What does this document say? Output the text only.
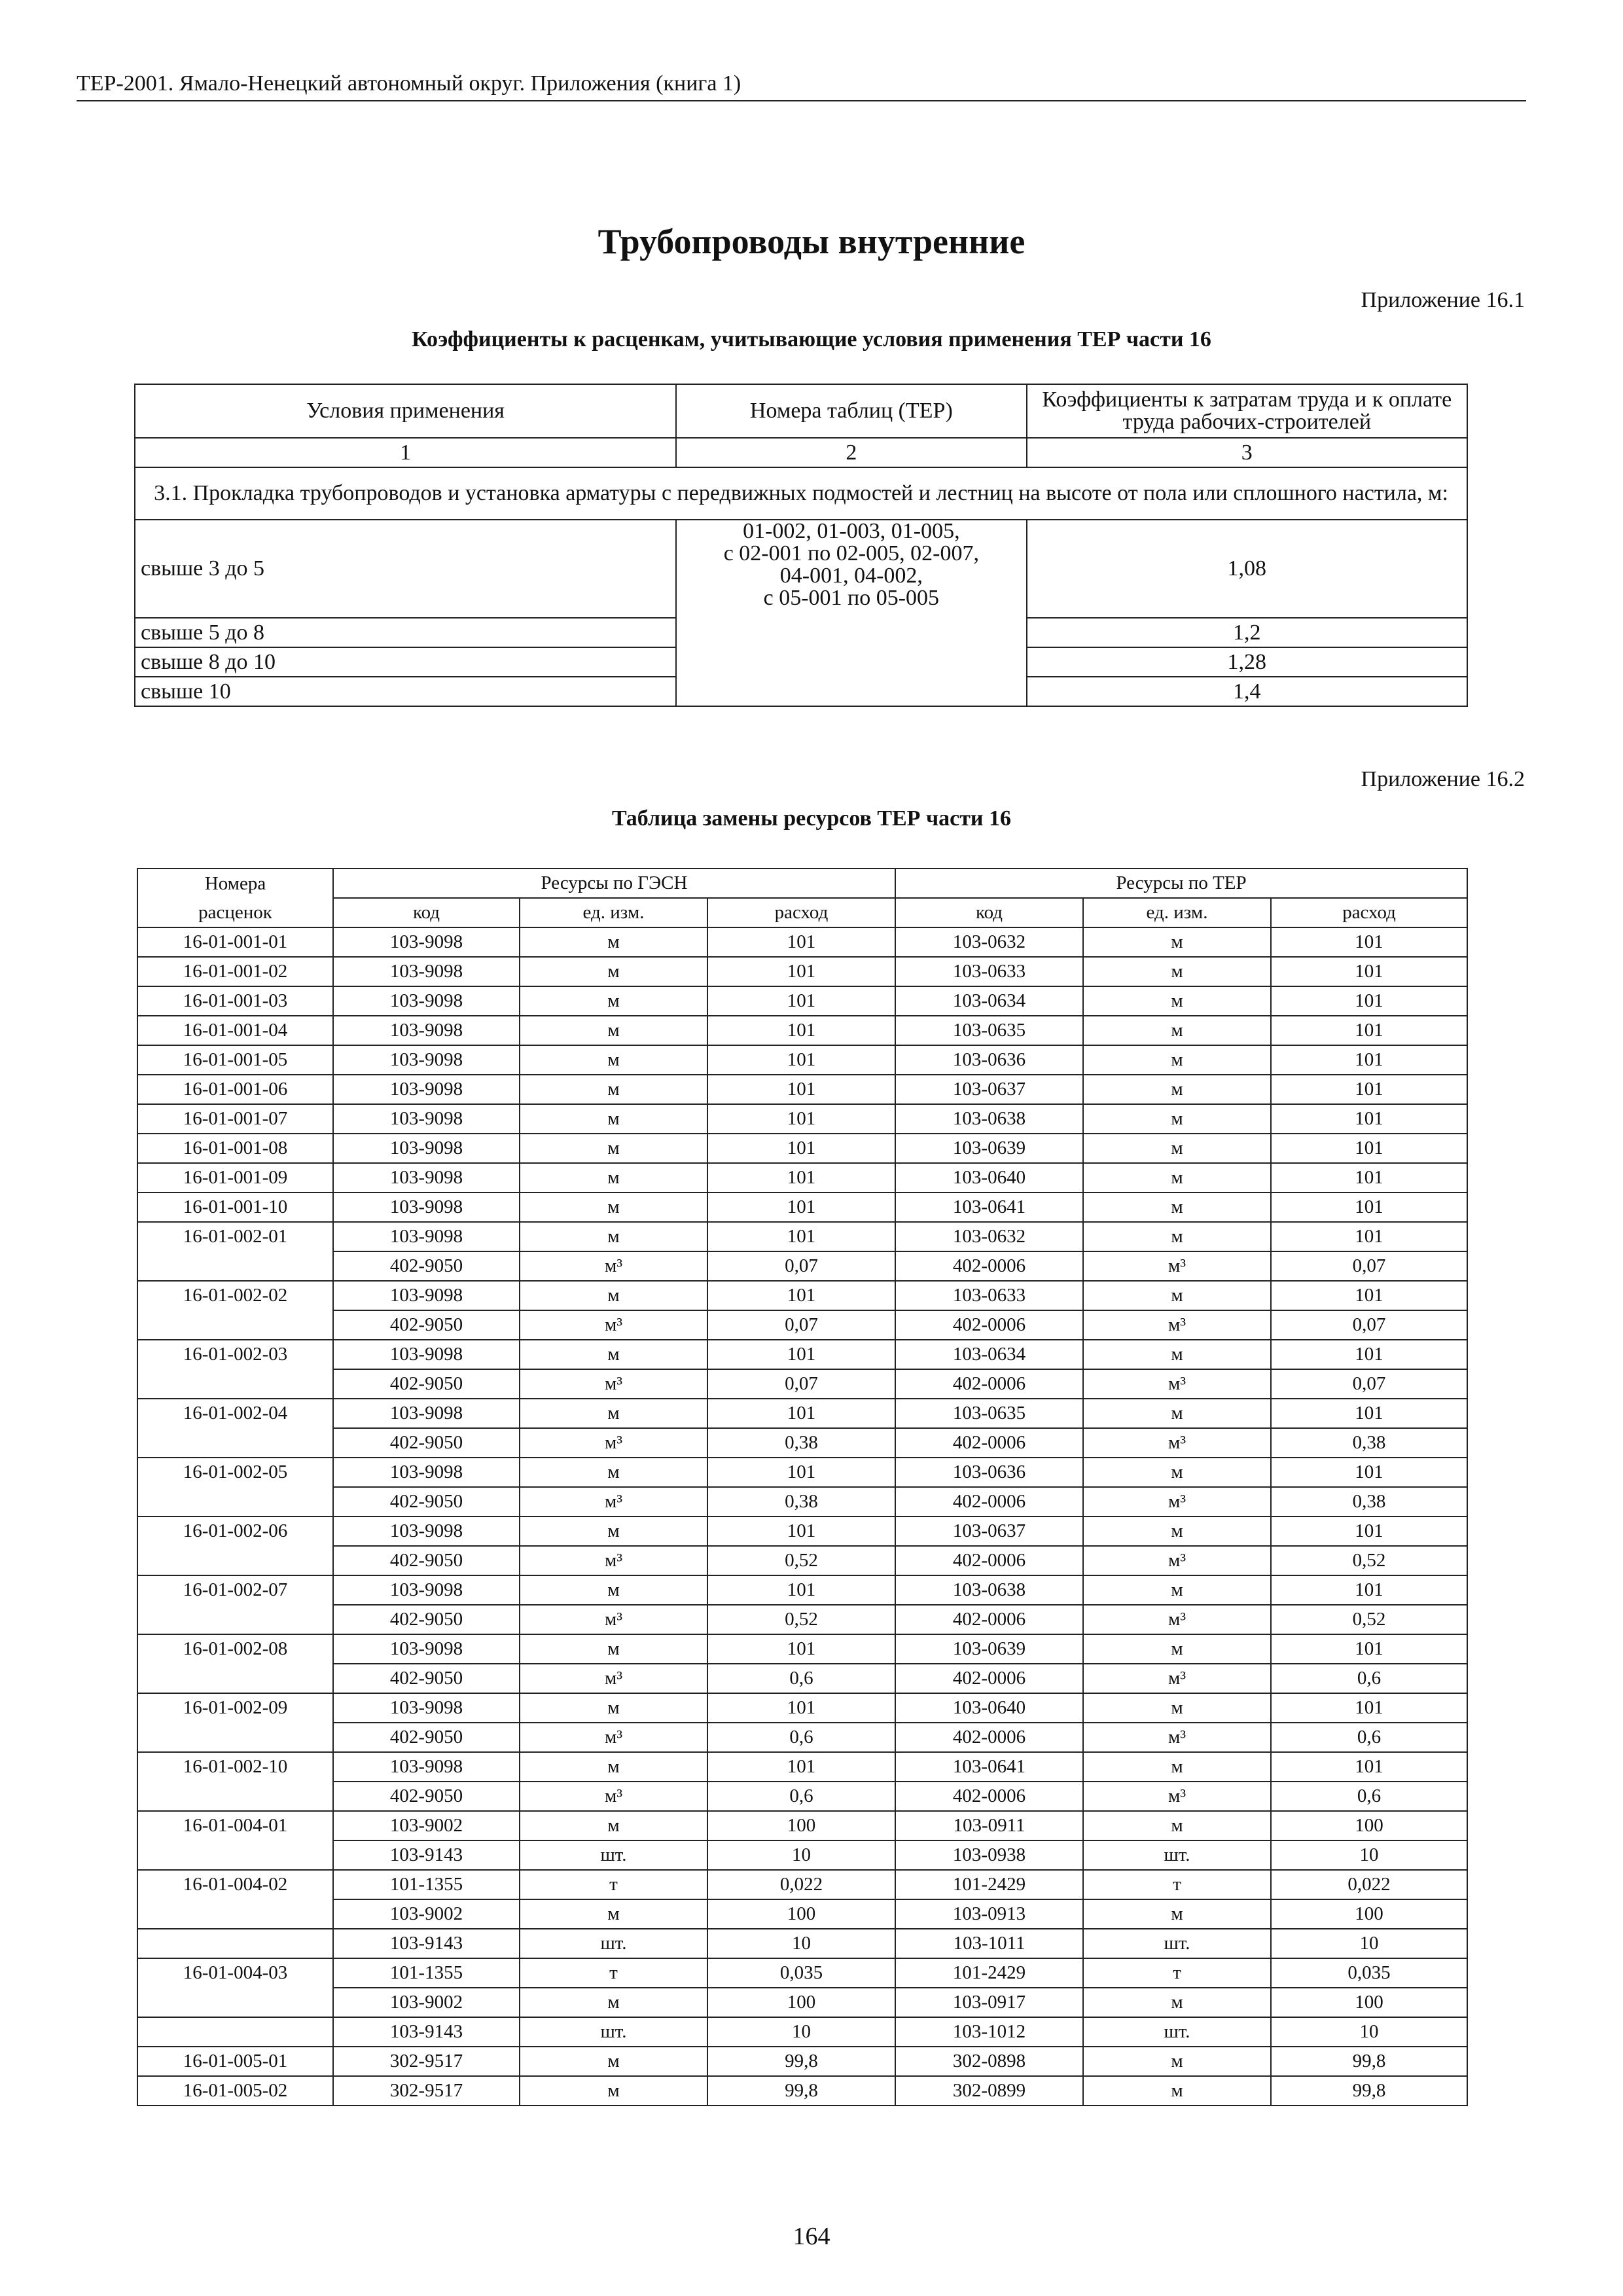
ТЕР-2001. Ямало-Ненецкий автономный округ. Приложения (книга 1)
Трубопроводы внутренние
Приложение 16.1
Коэффициенты к расценкам, учитывающие условия применения ТЕР части 16
Условия применения	Номера таблиц (ТЕР)	Коэффициенты к затратам труда и к оплате труда рабочих-строителей
1	2	3
3.1. Прокладка трубопроводов и установка арматуры с передвижных подмостей и лестниц на высоте от пола или сплошного настила, м:		
свыше 3 до 5	01-002, 01-003, 01-005,
с 02-001 по 02-005, 02-007,
04-001, 04-002,
с 05-001 по 05-005	1,08
свыше 5 до 8		1,2
свыше 8 до 10		1,28
свыше 10		1,4
Приложение 16.2
Таблица замены ресурсов ТЕР части 16
Номера	Ресурсы по ГЭСН			Ресурсы по ТЕР		
расценок	код	ед. изм.	расход	код	ед. изм.	расход
16-01-001-01	103-9098	м	101	103-0632	м	101
16-01-001-02	103-9098	м	101	103-0633	м	101
16-01-001-03	103-9098	м	101	103-0634	м	101
16-01-001-04	103-9098	м	101	103-0635	м	101
16-01-001-05	103-9098	м	101	103-0636	м	101
16-01-001-06	103-9098	м	101	103-0637	м	101
16-01-001-07	103-9098	м	101	103-0638	м	101
16-01-001-08	103-9098	м	101	103-0639	м	101
16-01-001-09	103-9098	м	101	103-0640	м	101
16-01-001-10	103-9098	м	101	103-0641	м	101
16-01-002-01	103-9098	м	101	103-0632	м	101
	402-9050	м³	0,07	402-0006	м³	0,07
16-01-002-02	103-9098	м	101	103-0633	м	101
	402-9050	м³	0,07	402-0006	м³	0,07
16-01-002-03	103-9098	м	101	103-0634	м	101
	402-9050	м³	0,07	402-0006	м³	0,07
16-01-002-04	103-9098	м	101	103-0635	м	101
	402-9050	м³	0,38	402-0006	м³	0,38
16-01-002-05	103-9098	м	101	103-0636	м	101
	402-9050	м³	0,38	402-0006	м³	0,38
16-01-002-06	103-9098	м	101	103-0637	м	101
	402-9050	м³	0,52	402-0006	м³	0,52
16-01-002-07	103-9098	м	101	103-0638	м	101
	402-9050	м³	0,52	402-0006	м³	0,52
16-01-002-08	103-9098	м	101	103-0639	м	101
	402-9050	м³	0,6	402-0006	м³	0,6
16-01-002-09	103-9098	м	101	103-0640	м	101
	402-9050	м³	0,6	402-0006	м³	0,6
16-01-002-10	103-9098	м	101	103-0641	м	101
	402-9050	м³	0,6	402-0006	м³	0,6
16-01-004-01	103-9002	м	100	103-0911	м	100
	103-9143	шт.	10	103-0938	шт.	10
16-01-004-02	101-1355	т	0,022	101-2429	т	0,022
	103-9002	м	100	103-0913	м	100
	103-9143	шт.	10	103-1011	шт.	10
16-01-004-03	101-1355	т	0,035	101-2429	т	0,035
	103-9002	м	100	103-0917	м	100
	103-9143	шт.	10	103-1012	шт.	10
16-01-005-01	302-9517	м	99,8	302-0898	м	99,8
16-01-005-02	302-9517	м	99,8	302-0899	м	99,8
164
